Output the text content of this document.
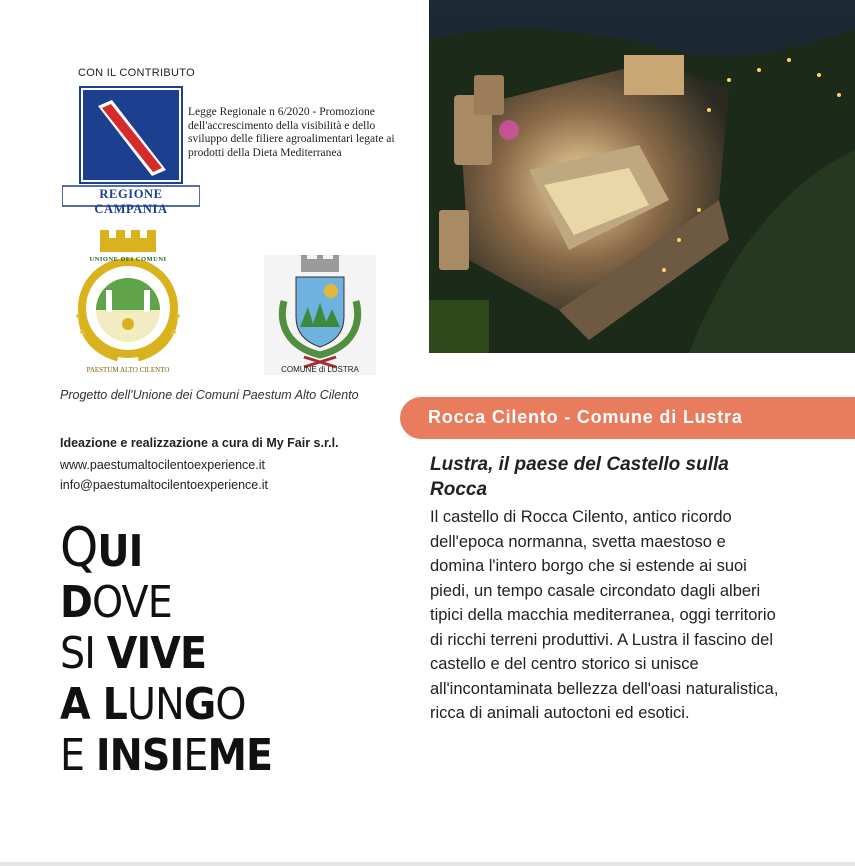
CON IL CONTRIBUTO
REGIONE CAMPANIA
Legge Regionale n 6/2020 - Promozione dell'accrescimento della visibilità e dello sviluppo delle filiere agroalimentari legate ai prodotti della Dieta Mediterranea
UNIONE DEI COMUNI
PAESTUM ALTO CILENTO	COMUNE di LUSTRA
Progetto dell'Unione dei Comuni Paestum Alto Cilento
Ideazione e realizzazione a cura di My Fair s.r.l.
www.paestumaltocilentoexperience.it
info@paestumaltocilentoexperience.it
QUI
DOVE
SI VIVE
A LUNGO
E INSIEME
Rocca Cilento - Comune di Lustra
Lustra, il paese del Castello sulla Rocca
Il castello di Rocca Cilento, antico ricordo dell'epoca normanna, svetta maestoso e domina l'intero borgo che si estende ai suoi piedi, un tempo casale circondato dagli alberi tipici della macchia mediterranea, oggi territorio di ricchi terreni produttivi. A Lustra il fascino del castello e del centro storico si unisce all'incontaminata bellezza dell'oasi naturalistica, ricca di animali autoctoni ed esotici.
